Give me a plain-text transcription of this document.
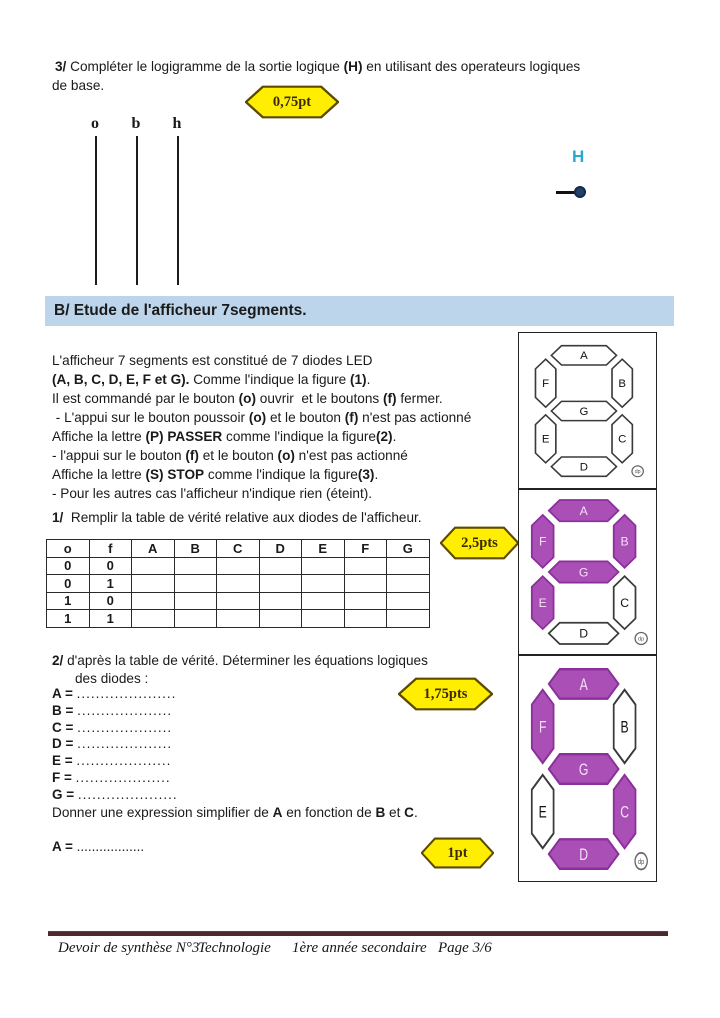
3/ Compléter le logigramme de la sortie logique (H) en utilisant des operateurs logiques
de base.
0,75pt
o	b	h
H
B/ Etude de l'afficheur 7segments.
L'afficheur 7 segments est constitué de 7 diodes LED
(A, B, C, D, E, F et G). Comme l'indique la figure (1).
Il est commandé par le bouton (o) ouvrir  et le boutons (f) fermer.
- L'appui sur le bouton poussoir (o) et le bouton (f) n'est pas actionné
Affiche la lettre (P) PASSER comme l'indique la figure(2).
- l'appui sur le bouton (f) et le bouton (o) n'est pas actionné
Affiche la lettre (S) STOP comme l'indique la figure(3).
- Pour les autres cas l'afficheur n'indique rien (éteint).
1/  Remplir la table de vérité relative aux diodes de l'afficheur.
o	f	A	B	C	D	E	F	G
0	0							
0	1							
1	0							
1	1							
2,5pts
2/ d'après la table de vérité. Déterminer les équations logiques
des diodes :
A = .....................
B = ....................
C = ....................
D = ....................
E = ....................
F = ....................
G = .....................
1,75pts
Donner une expression simplifier de A en fonction de B et C.
A = ..................	1pt
A
B
C
D
E
F
G
dp
A
B
C
D
E
F
G
dp
A
B
C
D
E
F
G
dp
Devoir de synthèse N°3
Technologie 1ère année secondaire Page 3/6
